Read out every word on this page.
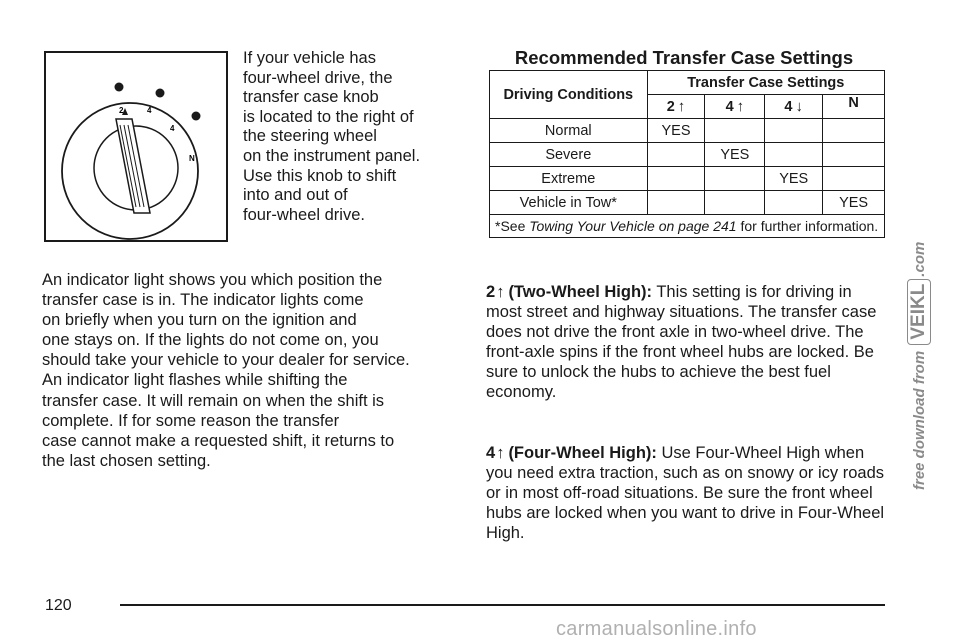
2	4
4
N
If your vehicle has
four-wheel drive, the
transfer case knob
is located to the right of
the steering wheel
on the instrument panel.
Use this knob to shift
into and out of
four-wheel drive.
An indicator light shows you which position the
transfer case is in. The indicator lights come
on briefly when you turn on the ignition and
one stays on. If the lights do not come on, you
should take your vehicle to your dealer for service.
An indicator light flashes while shifting the
transfer case. It will remain on when the shift is
complete. If for some reason the transfer
case cannot make a requested shift, it returns to
the last chosen setting.
Recommended Transfer Case Settings
Driving Conditions	Transfer Case Settings			
	2 ↑	4 ↑	4 ↓	N
Normal	YES			
Severe		YES		
Extreme			YES	
Vehicle in Tow*				YES
*See Towing Your Vehicle on page 241 for further information.				
2↑ (Two-Wheel High): This setting is for driving in most street and highway situations. The transfer case does not drive the front axle in two-wheel drive. The front-axle spins if the front wheel hubs are locked. Be sure to unlock the hubs to achieve the best fuel economy.
4↑ (Four-Wheel High): Use Four-Wheel High when you need extra traction, such as on snowy or icy roads or in most off-road situations. Be sure the front wheel hubs are locked when you want to drive in Four-Wheel High.
120
free download from VEIKL.com
carmanualsonline.info
